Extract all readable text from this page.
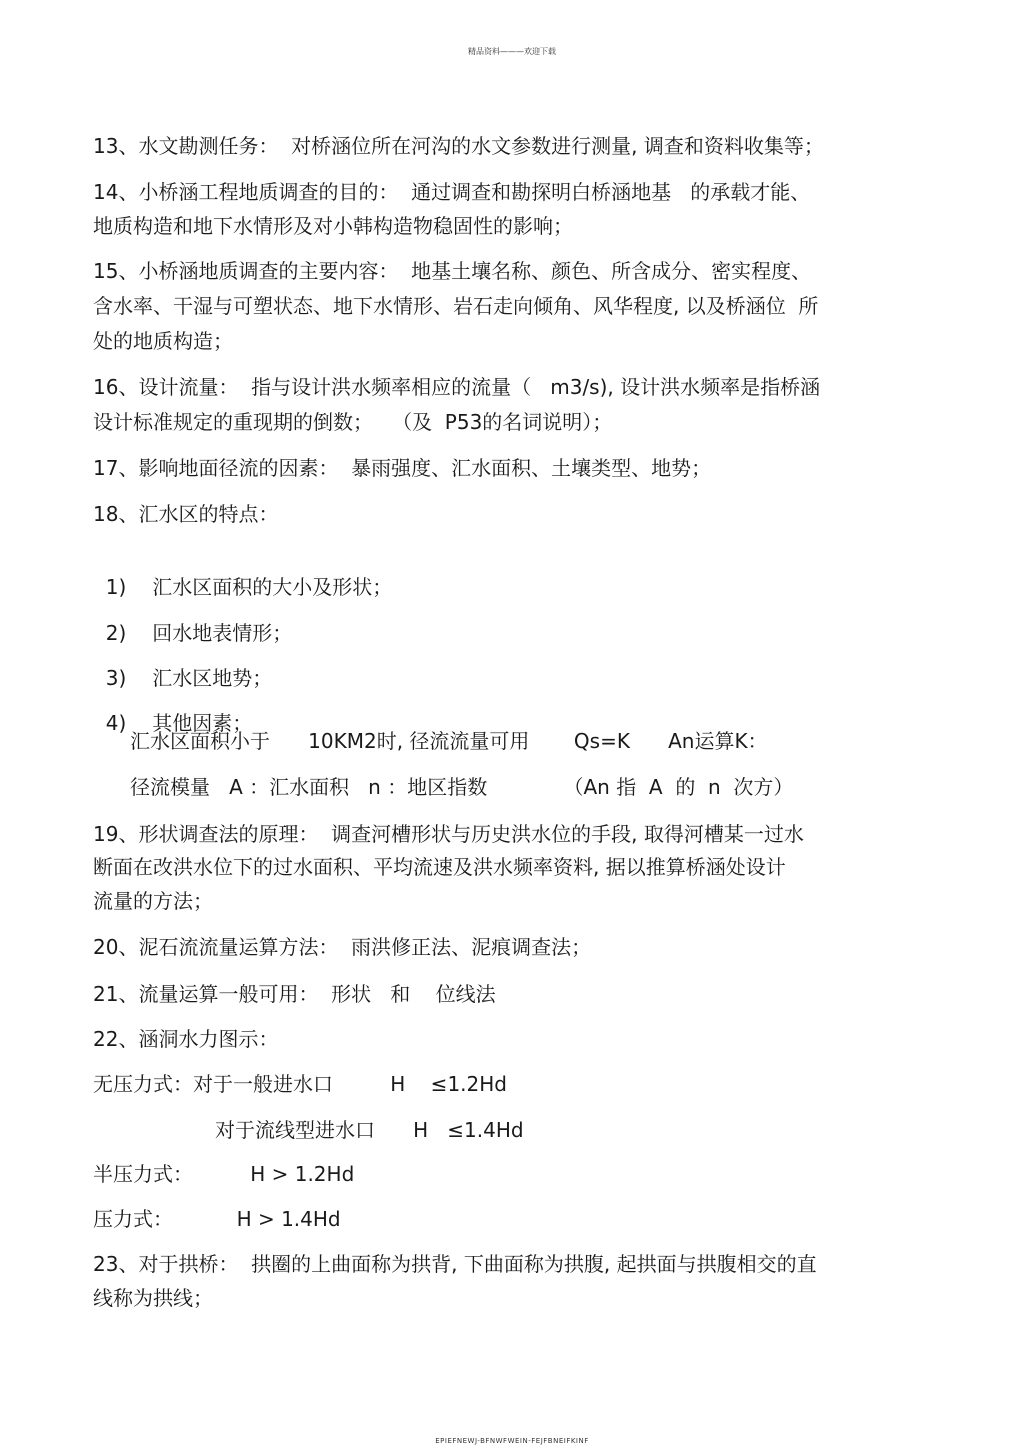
精品资料———欢迎下载
13、水文勘测任务：  对桥涵位所在河沟的水文参数进行测量, 调查和资料收集等；
14、小桥涵工程地质调查的目的：  通过调查和勘探明白桥涵地基   的承载才能、
地质构造和地下水情形及对小韩构造物稳固性的影响；
15、小桥涵地质调查的主要内容：  地基土壤名称、颜色、所含成分、密实程度、
含水率、干湿与可塑状态、地下水情形、岩石走向倾角、风华程度, 以及桥涵位  所
处的地质构造；
16、设计流量：  指与设计洪水频率相应的流量（   m3/s), 设计洪水频率是指桥涵
设计标准规定的重现期的倒数；   （及  P53的名词说明）；
17、影响地面径流的因素：  暴雨强度、汇水面积、土壤类型、地势；
18、汇水区的特点：

1) 汇水区面积的大小及形状；

2) 回水地表情形；

3) 汇水区地势；

4) 其他因素；

汇水区面积小于      10KM2时, 径流流量可用       Qs=K      An运算K：
径流模量   A ：汇水面积   n ：地区指数            （An 指  A  的  n  次方）
19、形状调查法的原理：  调查河槽形状与历史洪水位的手段, 取得河槽某一过水
断面在改洪水位下的过水面积、平均流速及洪水频率资料, 据以推算桥涵处设计
流量的方法；
20、泥石流流量运算方法：  雨洪修正法、泥痕调查法；
21、流量运算一般可用：  形状   和    位线法
22、涵洞水力图示：
无压力式：对于一般进水口         H    ≤1.2Hd
对于流线型进水口      H   ≤1.4Hd
半压力式：         H > 1.2Hd
压力式：          H > 1.4Hd
23、对于拱桥：  拱圈的上曲面称为拱背, 下曲面称为拱腹, 起拱面与拱腹相交的直
线称为拱线；
EPIEFNEWJ-BFNWFWEIN-FEJFBNEIFKINF
